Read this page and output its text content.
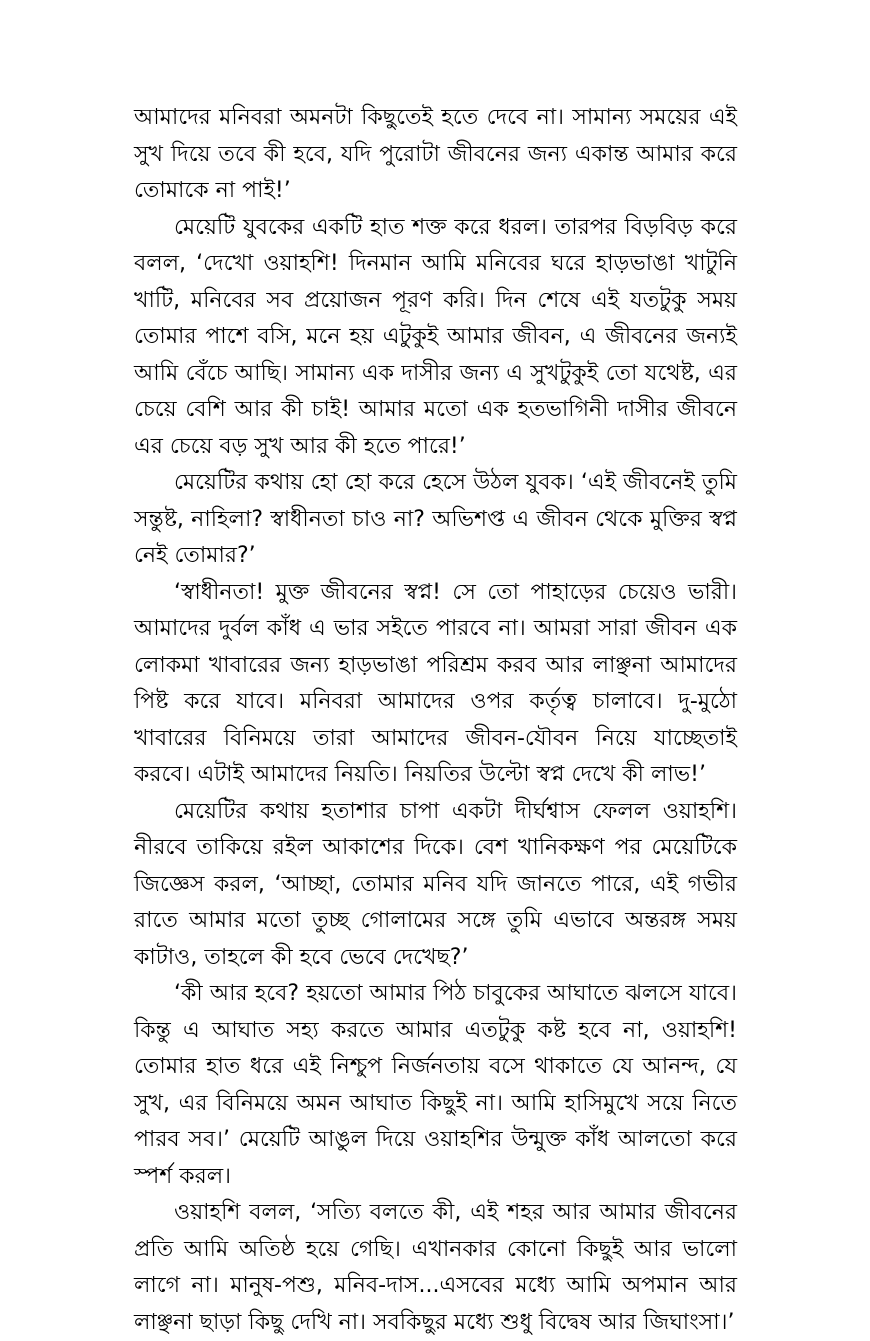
আমাদের মনিবরা অমনটা কিছুতেই হতে দেবে না। সামান্য সময়ের এই সুখ দিয়ে তবে কী হবে, যদি পুরোটা জীবনের জন্য একান্ত আমার করে তোমাকে না পাই!’

মেয়েটি যুবকের একটি হাত শক্ত করে ধরল। তারপর বিড়বিড় করে বলল, ‘দেখো ওয়াহশি! দিনমান আমি মনিবের ঘরে হাড়ভাঙা খাটুনি খাটি, মনিবের সব প্রয়োজন পূরণ করি। দিন শেষে এই যতটুকু সময় তোমার পাশে বসি, মনে হয় এটুকুই আমার জীবন, এ জীবনের জন্যই আমি বেঁচে আছি। সামান্য এক দাসীর জন্য এ সুখটুকুই তো যথেষ্ট, এর চেয়ে বেশি আর কী চাই! আমার মতো এক হতভাগিনী দাসীর জীবনে এর চেয়ে বড় সুখ আর কী হতে পারে!’

মেয়েটির কথায় হো হো করে হেসে উঠল যুবক। ‘এই জীবনেই তুমি সন্তুষ্ট, নাহিলা? স্বাধীনতা চাও না? অভিশপ্ত এ জীবন থেকে মুক্তির স্বপ্ন নেই তোমার?’

‘স্বাধীনতা! মুক্ত জীবনের স্বপ্ন! সে তো পাহাড়ের চেয়েও ভারী। আমাদের দুর্বল কাঁধ এ ভার সইতে পারবে না। আমরা সারা জীবন এক লোকমা খাবারের জন্য হাড়ভাঙা পরিশ্রম করব আর লাঞ্ছনা আমাদের পিষ্ট করে যাবে। মনিবরা আমাদের ওপর কর্তৃত্ব চালাবে। দু-মুঠো খাবারের বিনিময়ে তারা আমাদের জীবন-যৌবন নিয়ে যাচ্ছেতাই করবে। এটাই আমাদের নিয়তি। নিয়তির উল্টো স্বপ্ন দেখে কী লাভ!’

মেয়েটির কথায় হতাশার চাপা একটা দীর্ঘশ্বাস ফেলল ওয়াহশি। নীরবে তাকিয়ে রইল আকাশের দিকে। বেশ খানিকক্ষণ পর মেয়েটিকে জিজ্ঞেস করল, ‘আচ্ছা, তোমার মনিব যদি জানতে পারে, এই গভীর রাতে আমার মতো তুচ্ছ গোলামের সঙ্গে তুমি এভাবে অন্তরঙ্গ সময় কাটাও, তাহলে কী হবে ভেবে দেখেছ?’

‘কী আর হবে? হয়তো আমার পিঠ চাবুকের আঘাতে ঝলসে যাবে। কিন্তু এ আঘাত সহ্য করতে আমার এতটুকু কষ্ট হবে না, ওয়াহশি! তোমার হাত ধরে এই নিশ্চুপ নির্জনতায় বসে থাকাতে যে আনন্দ, যে সুখ, এর বিনিময়ে অমন আঘাত কিছুই না। আমি হাসিমুখে সয়ে নিতে পারব সব।’ মেয়েটি আঙুল দিয়ে ওয়াহশির উন্মুক্ত কাঁধ আলতো করে স্পর্শ করল।

ওয়াহশি বলল, ‘সত্যি বলতে কী, এই শহর আর আমার জীবনের প্রতি আমি অতিষ্ঠ হয়ে গেছি। এখানকার কোনো কিছুই আর ভালো লাগে না। মানুষ-পশু, মনিব-দাস...এসবের মধ্যে আমি অপমান আর লাঞ্ছনা ছাড়া কিছু দেখি না। সবকিছুর মধ্যে শুধু বিদ্বেষ আর জিঘাংসা।’
